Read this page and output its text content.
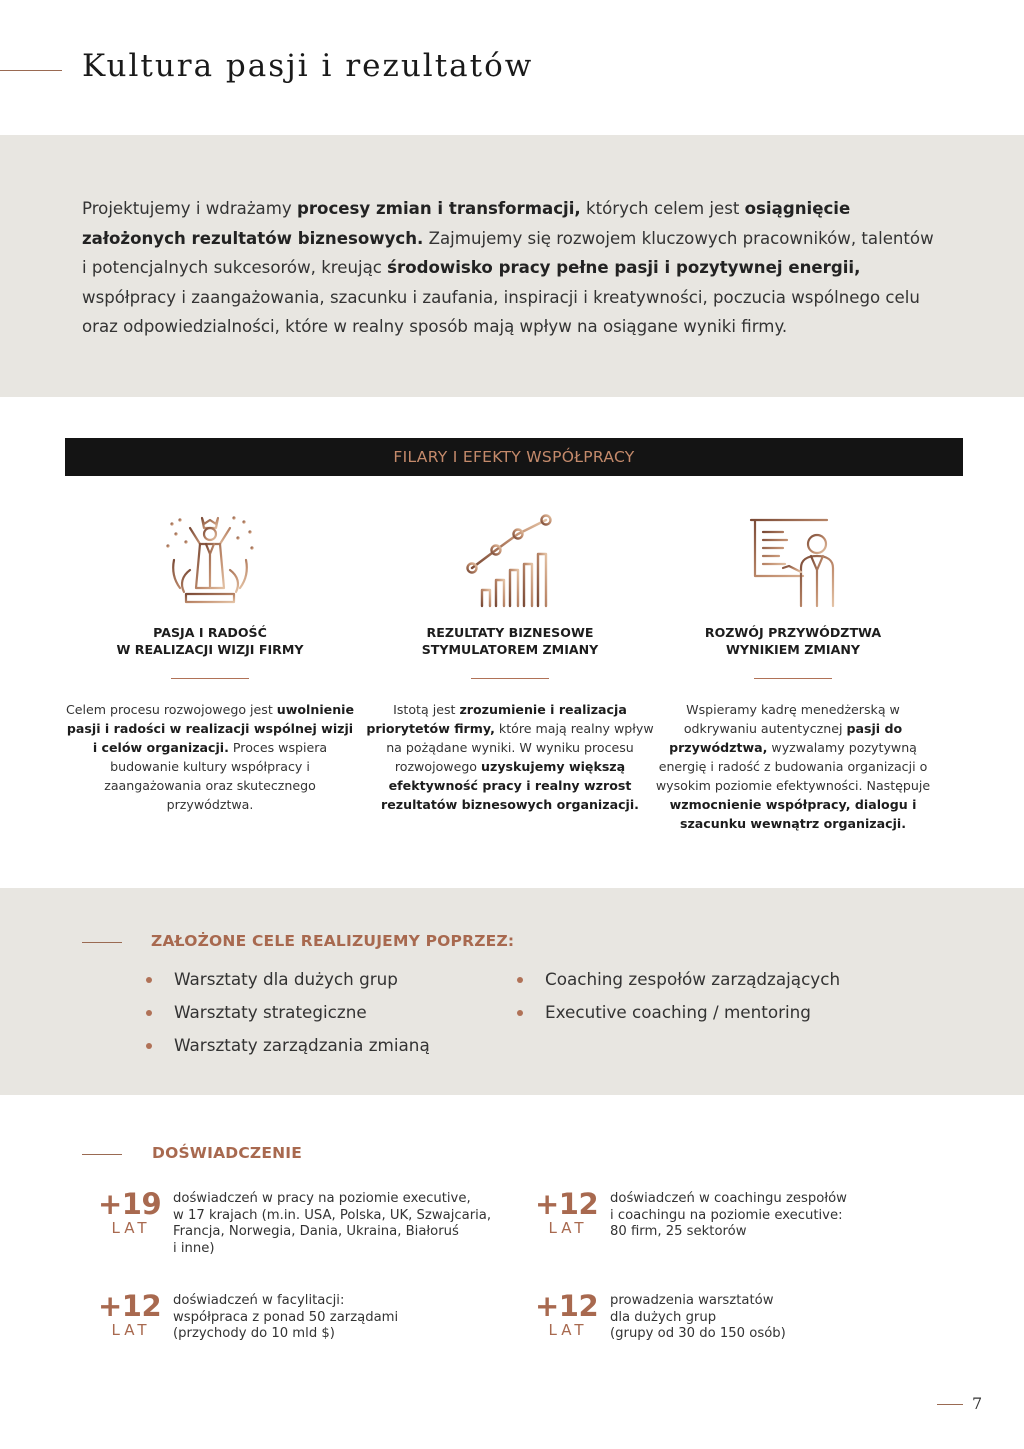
Kultura pasji i rezultatów

Projektujemy i wdrażamy procesy zmian i transformacji, których celem jest osiągnięcie założonych rezultatów biznesowych. Zajmujemy się rozwojem kluczowych pracowników, talentów i potencjalnych sukcesorów, kreując środowisko pracy pełne pasji i pozytywnej energii, współpracy i zaangażowania, szacunku i zaufania, inspiracji i kreatywności, poczucia wspólnego celu oraz odpowiedzialności, które w realny sposób mają wpływ na osiągane wyniki firmy.

FILARY I EFEKTY WSPÓŁPRACY
PASJA I RADOŚĆ
W REALIZACJI WIZJI FIRMY

Celem procesu rozwojowego jest uwolnienie pasji i radości w realizacji wspólnej wizji i celów organizacji. Proces wspiera budowanie kultury współpracy i zaangażowania oraz skutecznego przywództwa.

REZULTATY BIZNESOWE
STYMULATOREM ZMIANY

Istotą jest zrozumienie i realizacja priorytetów firmy, które mają realny wpływ na pożądane wyniki. W wyniku procesu rozwojowego uzyskujemy większą efektywność pracy i realny wzrost rezultatów biznesowych organizacji.

ROZWÓJ PRZYWÓDZTWA
WYNIKIEM ZMIANY

Wspieramy kadrę menedżerską w odkrywaniu autentycznej pasji do przywództwa, wyzwalamy pozytywną energię i radość z budowania organizacji o wysokim poziomie efektywności. Następuje wzmocnienie współpracy, dialogu i szacunku wewnątrz organizacji.

ZAŁOŻONE CELE REALIZUJEMY POPRZEZ:
Warsztaty dla dużych grup
Warsztaty strategiczne
Warsztaty zarządzania zmianą
Coaching zespołów zarządzających
Executive coaching / mentoring
DOŚWIADCZENIE
+19
LAT
doświadczeń w pracy na poziomie executive,
w 17 krajach (m.in. USA, Polska, UK, Szwajcaria,
Francja, Norwegia, Dania, Ukraina, Białoruś
i inne)
+12
LAT
doświadczeń w coachingu zespołów
i coachingu na poziomie executive:
80 firm, 25 sektorów
+12
LAT
doświadczeń w facylitacji:
współpraca z ponad 50 zarządami
(przychody do 10 mld $)
+12
LAT
prowadzenia warsztatów
dla dużych grup
(grupy od 30 do 150 osób)
7
